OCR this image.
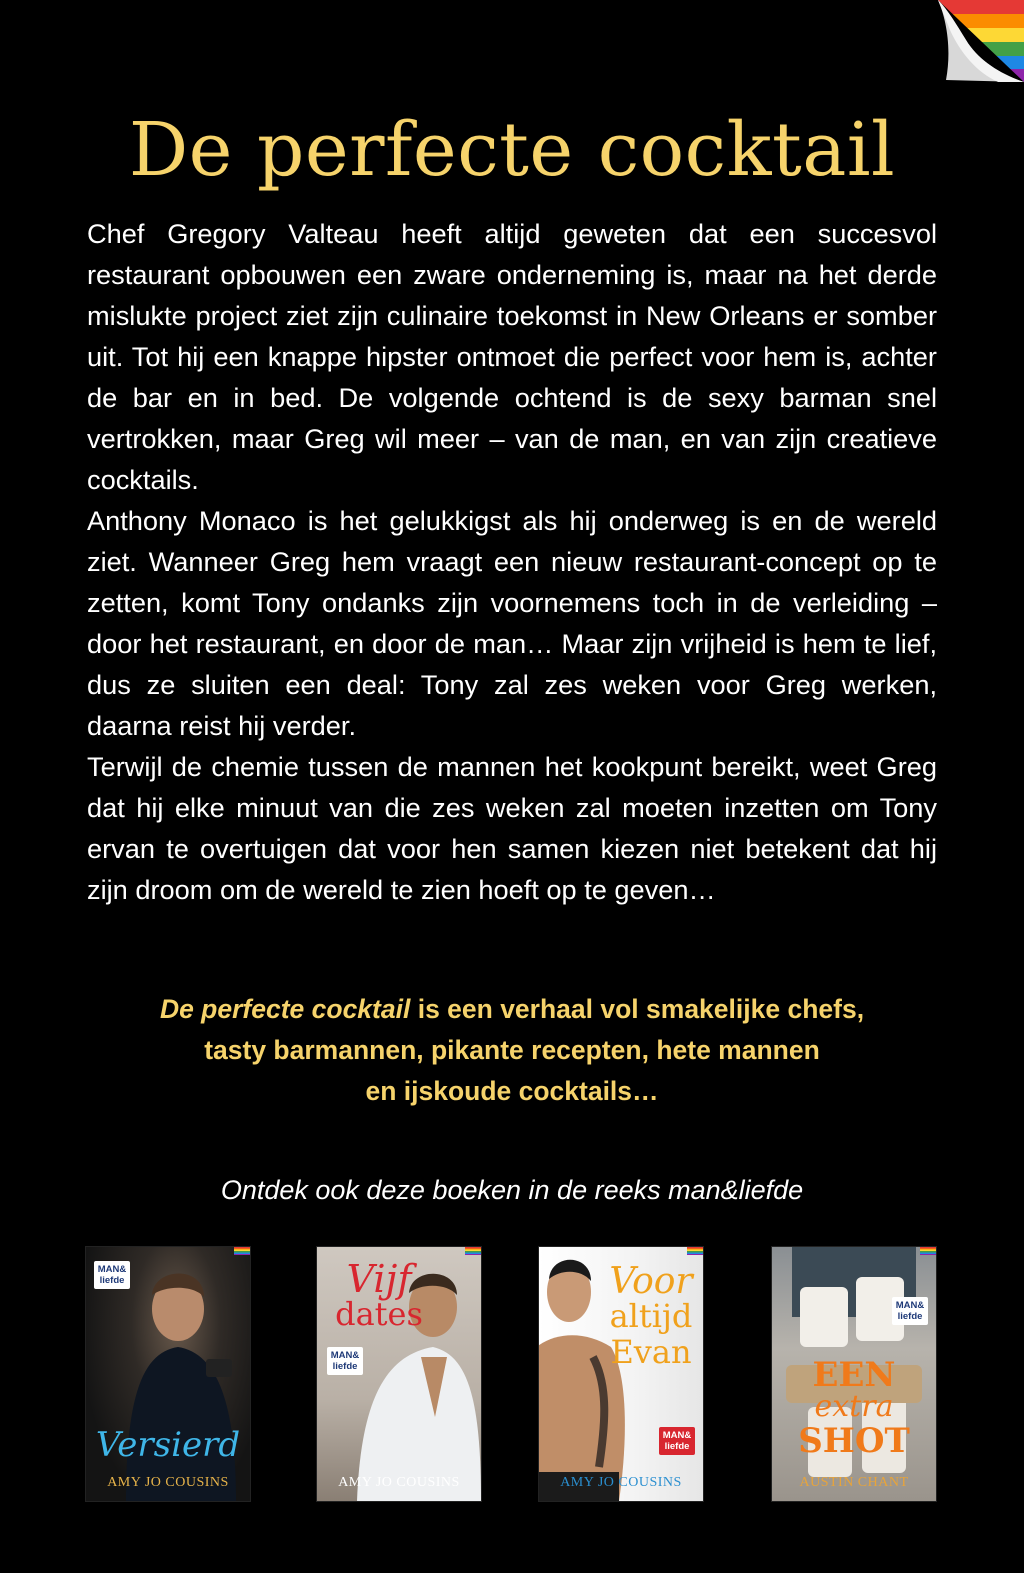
De perfecte cocktail

Chef Gregory Valteau heeft altijd geweten dat een succesvol restaurant opbouwen een zware onderneming is, maar na het derde mislukte project ziet zijn culinaire toekomst in New Orleans er somber uit. Tot hij een knappe hipster ontmoet die perfect voor hem is, achter de bar en in bed. De volgende ochtend is de sexy barman snel vertrokken, maar Greg wil meer – van de man, en van zijn creatieve cocktails.

Anthony Monaco is het gelukkigst als hij onderweg is en de wereld ziet. Wanneer Greg hem vraagt een nieuw restaurant-concept op te zetten, komt Tony ondanks zijn voornemens toch in de verleiding – door het restaurant, en door de man… Maar zijn vrijheid is hem te lief, dus ze sluiten een deal: Tony zal zes weken voor Greg werken, daarna reist hij verder.

Terwijl de chemie tussen de mannen het kookpunt bereikt, weet Greg dat hij elke minuut van die zes weken zal moeten inzetten om Tony ervan te overtuigen dat voor hen samen kiezen niet betekent dat hij zijn droom om de wereld te zien hoeft op te geven…

De perfecte cocktail is een verhaal vol smakelijke chefs,
tasty barmannen, pikante recepten, hete mannen
en ijskoude cocktails…
Ontdek ook deze boeken in de reeks man&liefde
MAN&
liefde
Versierd
AMY JO COUSINS
Vijf
dates
MAN&
liefde
AMY JO COUSINS
Voor
altijd
Evan
MAN&
liefde
AMY JO COUSINS
MAN&
liefde
EEN
extra
SHOT
AUSTIN CHANT
